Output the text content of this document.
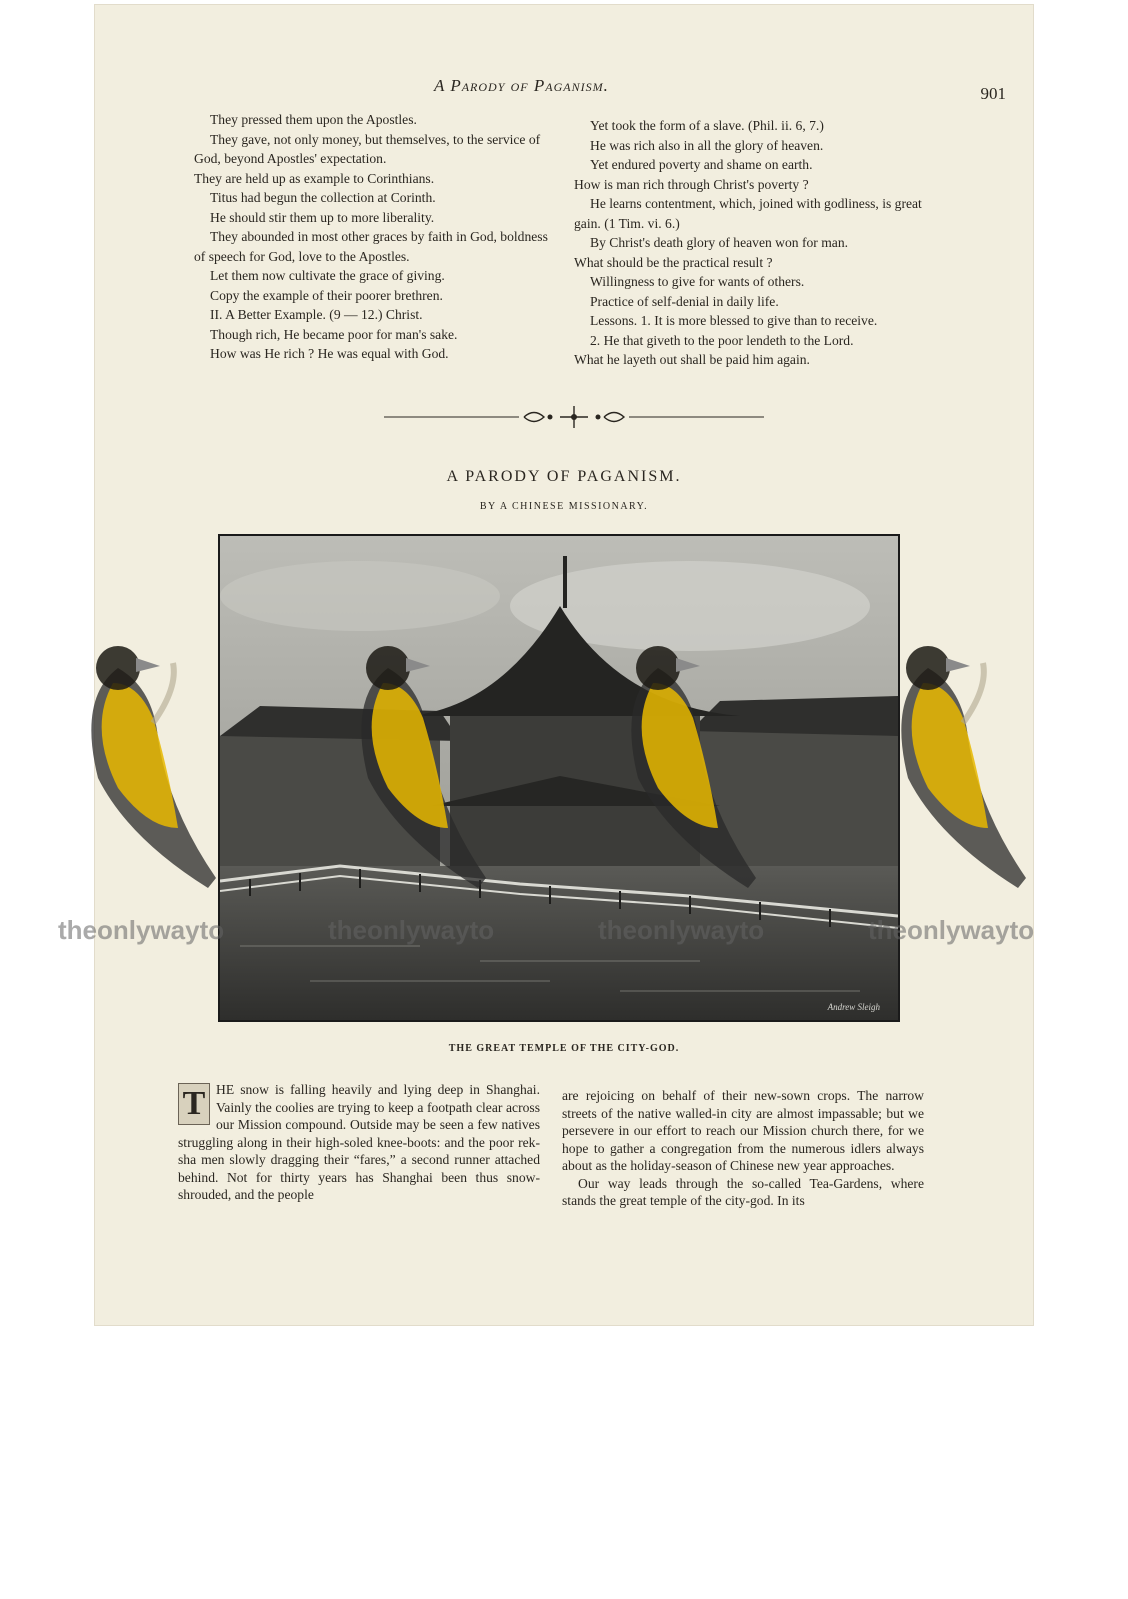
A Parody of Paganism.	901

They pressed them upon the Apostles.

They gave, not only money, but themselves, to the service of God, beyond Apostles' expectation.

They are held up as example to Corinthians.

Titus had begun the collection at Corinth.

He should stir them up to more liberality.

They abounded in most other graces by faith in God, boldness of speech for God, love to the Apostles.

Let them now cultivate the grace of giving.

Copy the example of their poorer brethren.

II. A Better Example. (9 — 12.) Christ.

Though rich, He became poor for man's sake.

How was He rich ? He was equal with God.

Yet took the form of a slave. (Phil. ii. 6, 7.)

He was rich also in all the glory of heaven.

Yet endured poverty and shame on earth.

How is man rich through Christ's poverty ?

He learns contentment, which, joined with godliness, is great gain. (1 Tim. vi. 6.)

By Christ's death glory of heaven won for man.

What should be the practical result ?

Willingness to give for wants of others.

Practice of self-denial in daily life.

Lessons. 1. It is more blessed to give than to receive.

2. He that giveth to the poor lendeth to the Lord.

What he layeth out shall be paid him again.

A PARODY OF PAGANISM.
BY A CHINESE MISSIONARY.
Andrew Sleigh
THE GREAT TEMPLE OF THE CITY-GOD.
T HE snow is falling heavily and lying deep in Shanghai. Vainly the coolies are trying to keep a footpath clear across our Mission compound. Outside may be seen a few natives struggling along in their high-soled knee-boots: and the poor rek-sha men slowly dragging their “fares,” a second runner attached behind. Not for thirty years has Shanghai been thus snow-shrouded, and the people

are rejoicing on behalf of their new-sown crops. The narrow streets of the native walled-in city are almost impassable; but we persevere in our effort to reach our Mission church there, for we hope to gather a congregation from the numerous idlers always about as the holiday-season of Chinese new year approaches.

Our way leads through the so-called Tea-Gardens, where stands the great temple of the city-god. In its

theonlywayto	theonlywayto	theonlywayto	theonlywayto
